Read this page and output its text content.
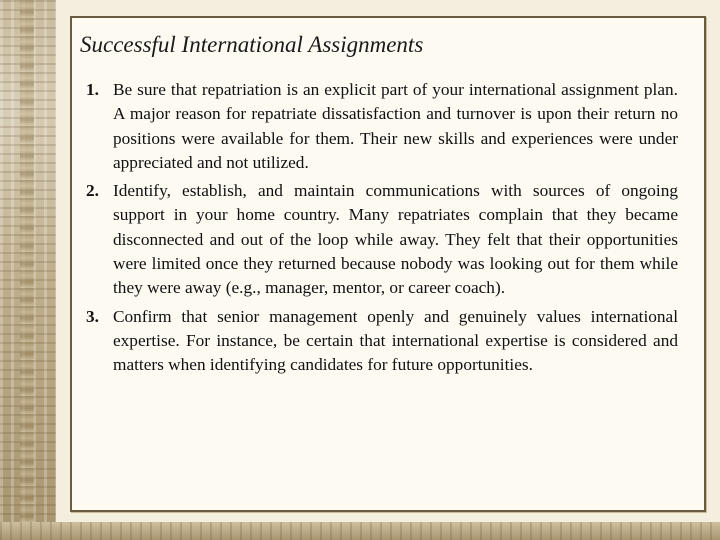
Successful International Assignments
1. Be sure that repatriation is an explicit part of your international assignment plan. A major reason for repatriate dissatisfaction and turnover is upon their return no positions were available for them. Their new skills and experiences were under appreciated and not utilized.
2. Identify, establish, and maintain communications with sources of ongoing support in your home country. Many repatriates complain that they became disconnected and out of the loop while away. They felt that their opportunities were limited once they returned because nobody was looking out for them while they were away (e.g., manager, mentor, or career coach).
3. Confirm that senior management openly and genuinely values international expertise. For instance, be certain that international expertise is considered and matters when identifying candidates for future opportunities.
